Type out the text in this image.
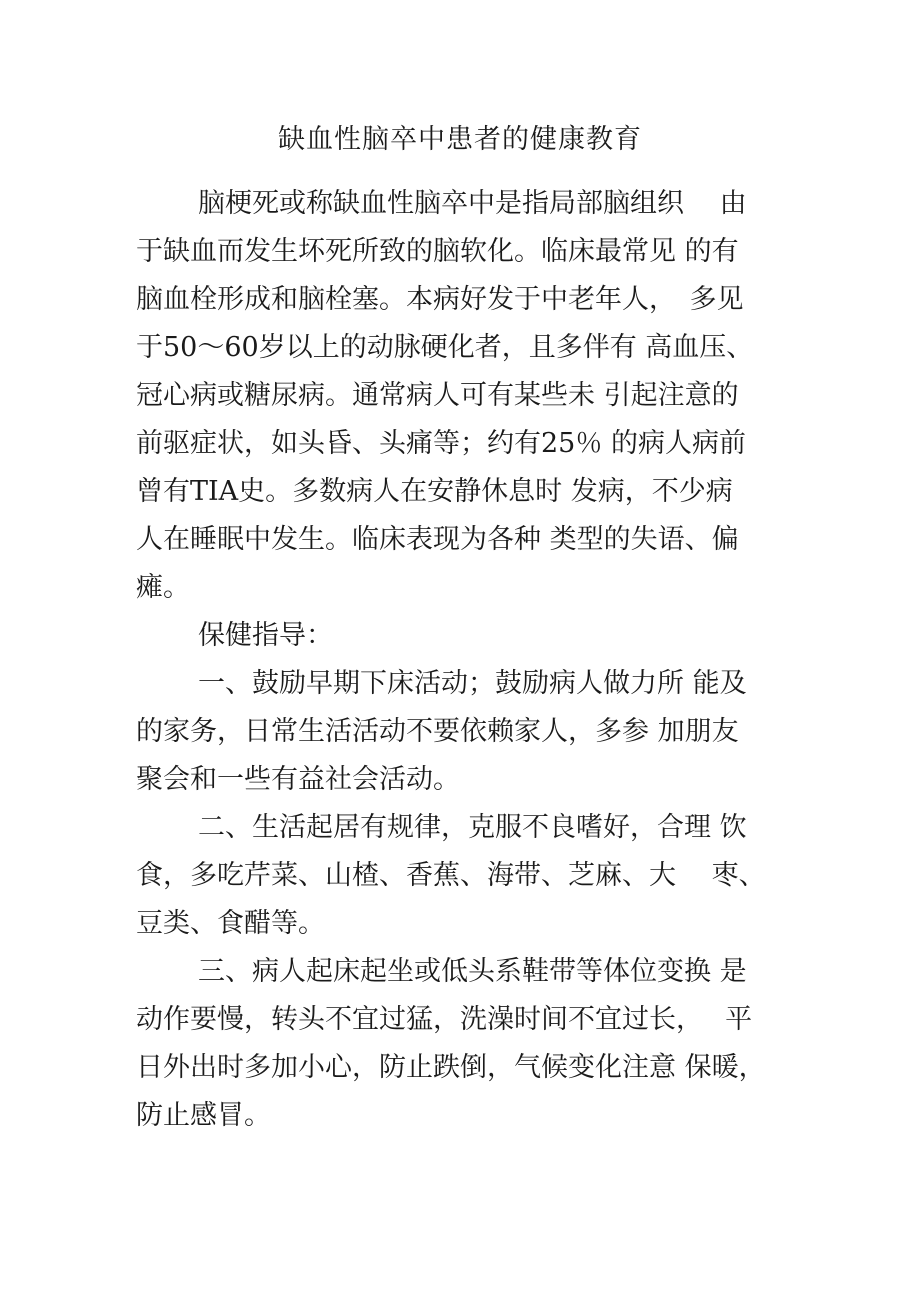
缺血性脑卒中患者的健康教育
脑梗死或称缺血性脑卒中是指局部脑组织　 由
于缺血而发生坏死所致的脑软化。临床最常见 的有
脑血栓形成和脑栓塞。本病好发于中老年人，　多见
于50～60岁以上的动脉硬化者，且多伴有 高血压、
冠心病或糖尿病。通常病人可有某些未 引起注意的
前驱症状，如头昏、头痛等；约有25％ 的病人病前
曾有TIA史。多数病人在安静休息时 发病，不少病
人在睡眠中发生。临床表现为各种 类型的失语、偏
瘫。
保健指导：
一、鼓励早期下床活动；鼓励病人做力所 能及
的家务，日常生活活动不要依赖家人，多参 加朋友
聚会和一些有益社会活动。
二、生活起居有规律，克服不良嗜好，合理 饮
食，多吃芹菜、山楂、香蕉、海带、芝麻、大　 枣、
豆类、食醋等。
三、病人起床起坐或低头系鞋带等体位变换 是
动作要慢，转头不宜过猛，洗澡时间不宜过长，　 平
日外出时多加小心，防止跌倒，气候变化注意 保暖，
防止感冒。
